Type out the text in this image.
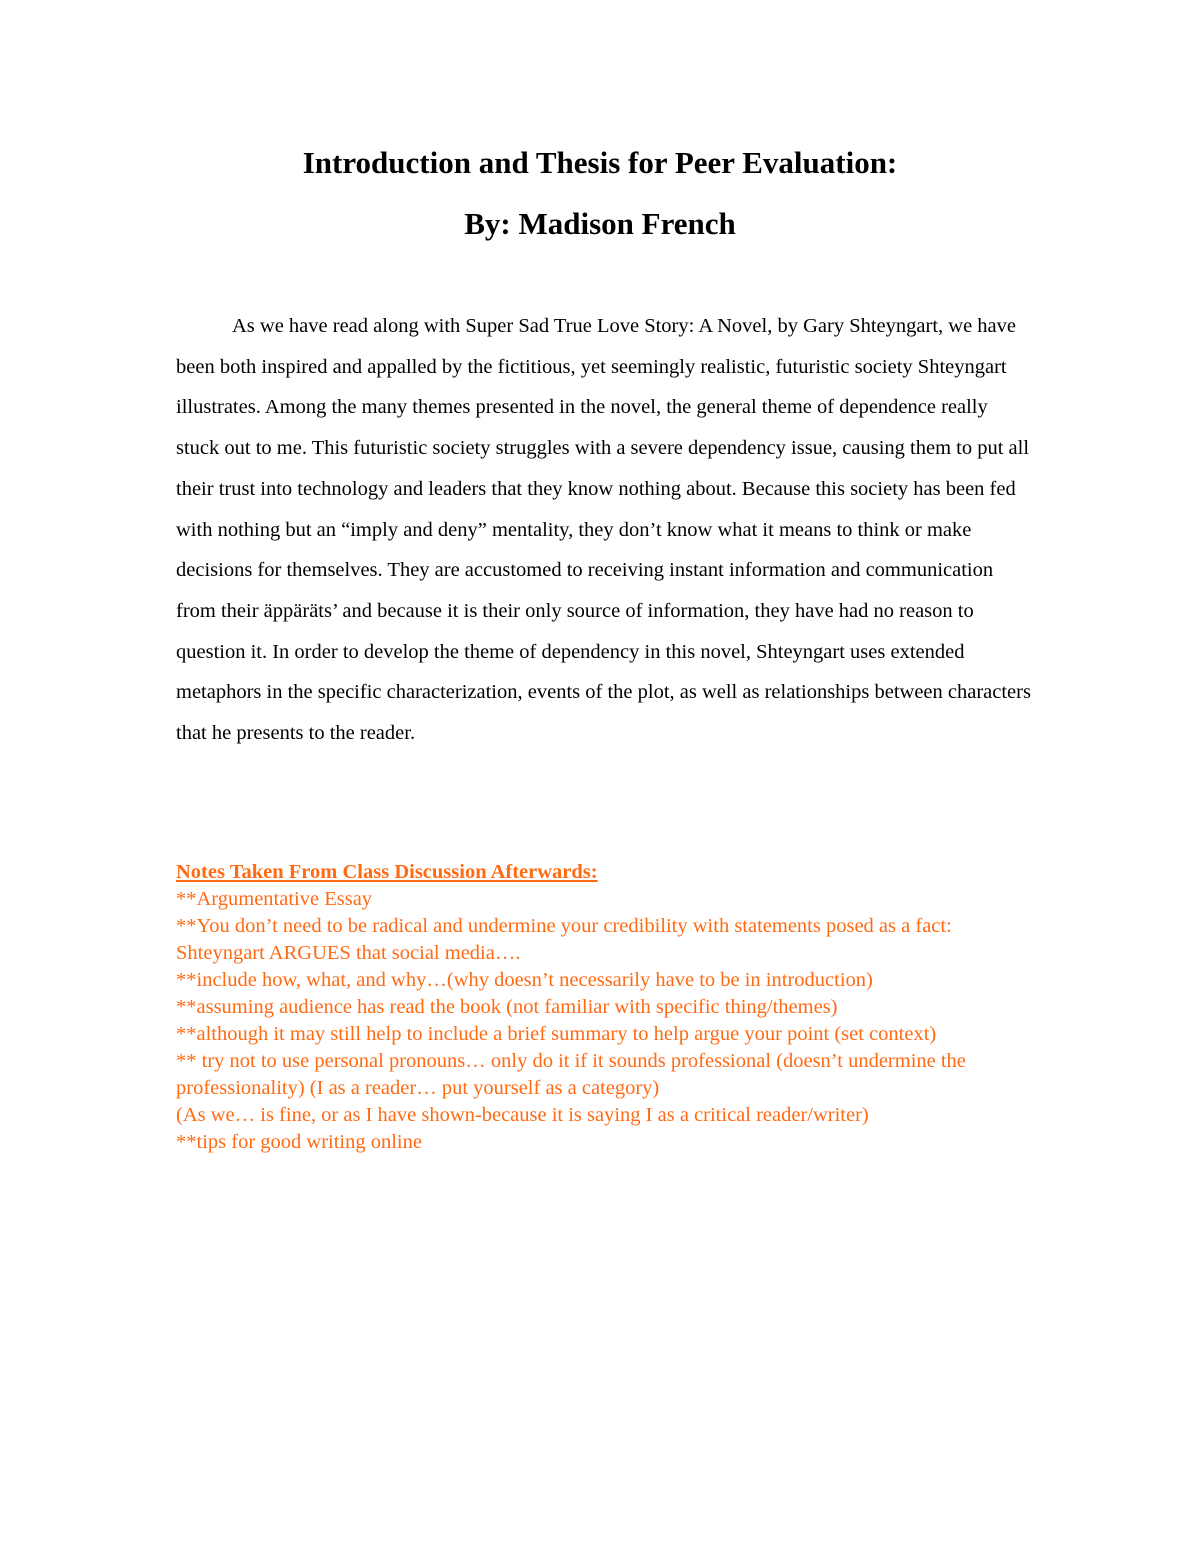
Introduction and Thesis for Peer Evaluation:
By: Madison French

As we have read along with Super Sad True Love Story: A Novel, by Gary Shteyngart, we have been both inspired and appalled by the fictitious, yet seemingly realistic, futuristic society Shteyngart illustrates. Among the many themes presented in the novel, the general theme of dependence really stuck out to me. This futuristic society struggles with a severe dependency issue, causing them to put all their trust into technology and leaders that they know nothing about. Because this society has been fed with nothing but an “imply and deny” mentality, they don’t know what it means to think or make decisions for themselves. They are accustomed to receiving instant information and communication from their äppäräts’ and because it is their only source of information, they have had no reason to question it. In order to develop the theme of dependency in this novel, Shteyngart uses extended metaphors in the specific characterization, events of the plot, as well as relationships between characters that he presents to the reader.

Notes Taken From Class Discussion Afterwards:

**Argumentative Essay

**You don’t need to be radical and undermine your credibility with statements posed as a fact: Shteyngart ARGUES that social media….

**include how, what, and why…(why doesn’t necessarily have to be in introduction)

**assuming audience has read the book (not familiar with specific thing/themes)

**although it may still help to include a brief summary to help argue your point (set context)

** try not to use personal pronouns… only do it if it sounds professional (doesn’t undermine the professionality) (I as a reader… put yourself as a category)

(As we… is fine, or as I have shown-because it is saying I as a critical reader/writer)

**tips for good writing online
